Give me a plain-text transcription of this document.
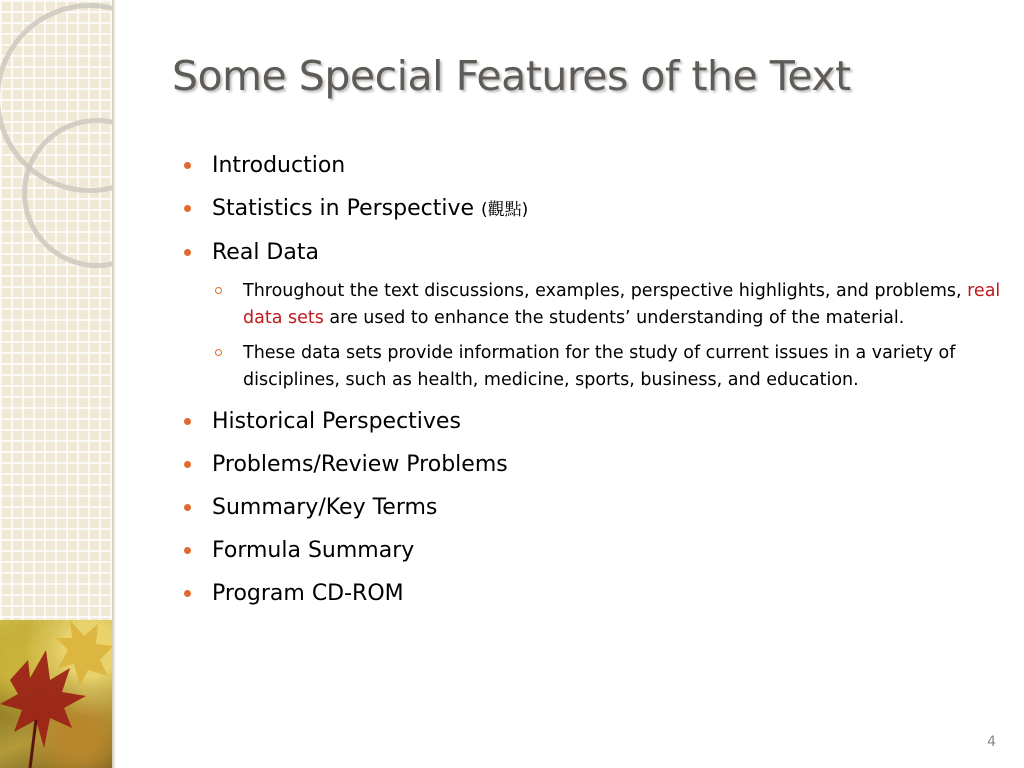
Some Special Features of the Text
Introduction
Statistics in Perspective (觀點)
Real Data
Throughout the text discussions, examples, perspective highlights, and problems, real data sets are used to enhance the students’ understanding of the material.
These data sets provide information for the study of current issues in a variety of disciplines, such as health, medicine, sports, business, and education.
Historical Perspectives
Problems/Review Problems
Summary/Key Terms
Formula Summary
Program CD-ROM
4
